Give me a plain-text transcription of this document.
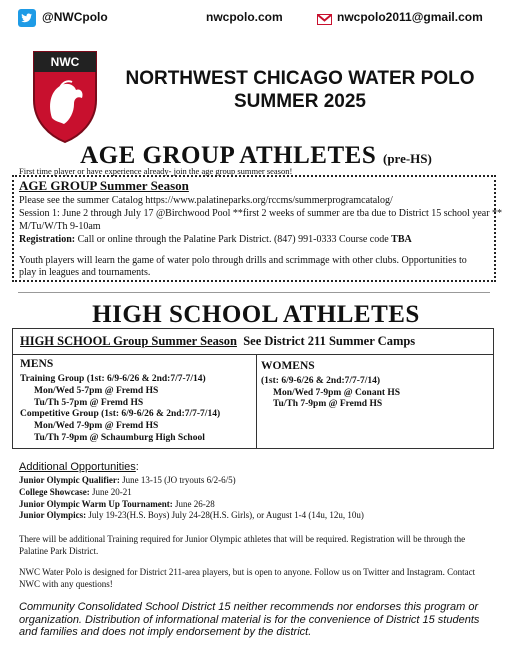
@NWCpolo	nwcpolo.com	nwcpolo2011@gmail.com
NWC
NORTHWEST CHICAGO WATER POLO
SUMMER 2025
AGE GROUP ATHLETES (pre-HS)
First time player or have experience already- join the age group summer season!
AGE GROUP Summer Season
Please see the summer Catalog https://www.palatineparks.org/rccms/summerprogramcatalog/
Session 1: June 2 through July 17 @Birchwood Pool **first 2 weeks of summer are tba due to District 15 school year **
M/Tu/W/Th 9-10am
Registration: Call or online through the Palatine Park District. (847) 991-0333 Course code TBA
Youth players will learn the game of water polo through drills and scrimmage with other clubs. Opportunities to
play in leagues and tournaments.
HIGH SCHOOL ATHLETES
HIGH SCHOOL Group Summer Season See District 211 Summer Camps
MENS
Training Group (1st: 6/9-6/26 & 2nd:7/7-7/14)
Mon/Wed 5-7pm @ Fremd HS
Tu/Th 5-7pm @ Fremd HS
Competitive Group (1st: 6/9-6/26 & 2nd:7/7-7/14)
Mon/Wed 7-9pm @ Fremd HS
Tu/Th 7-9pm @ Schaumburg High School
WOMENS
(1st: 6/9-6/26 & 2nd:7/7-7/14)
Mon/Wed 7-9pm @ Conant HS
Tu/Th 7-9pm @ Fremd HS
Additional Opportunities:
Junior Olympic Qualifier: June 13-15 (JO tryouts 6/2-6/5)
College Showcase: June 20-21
Junior Olympic Warm Up Tournament: June 26-28
Junior Olympics: July 19-23(H.S. Boys) July 24-28(H.S. Girls), or August 1-4 (14u, 12u, 10u)
There will be additional Training required for Junior Olympic athletes that will be required. Registration will be through the Palatine Park District.
NWC Water Polo is designed for District 211-area players, but is open to anyone. Follow us on Twitter and Instagram. Contact NWC with any questions!
Community Consolidated School District 15 neither recommends nor endorses this program or organization. Distribution of informational material is for the convenience of District 15 students and families and does not imply endorsement by the district.
